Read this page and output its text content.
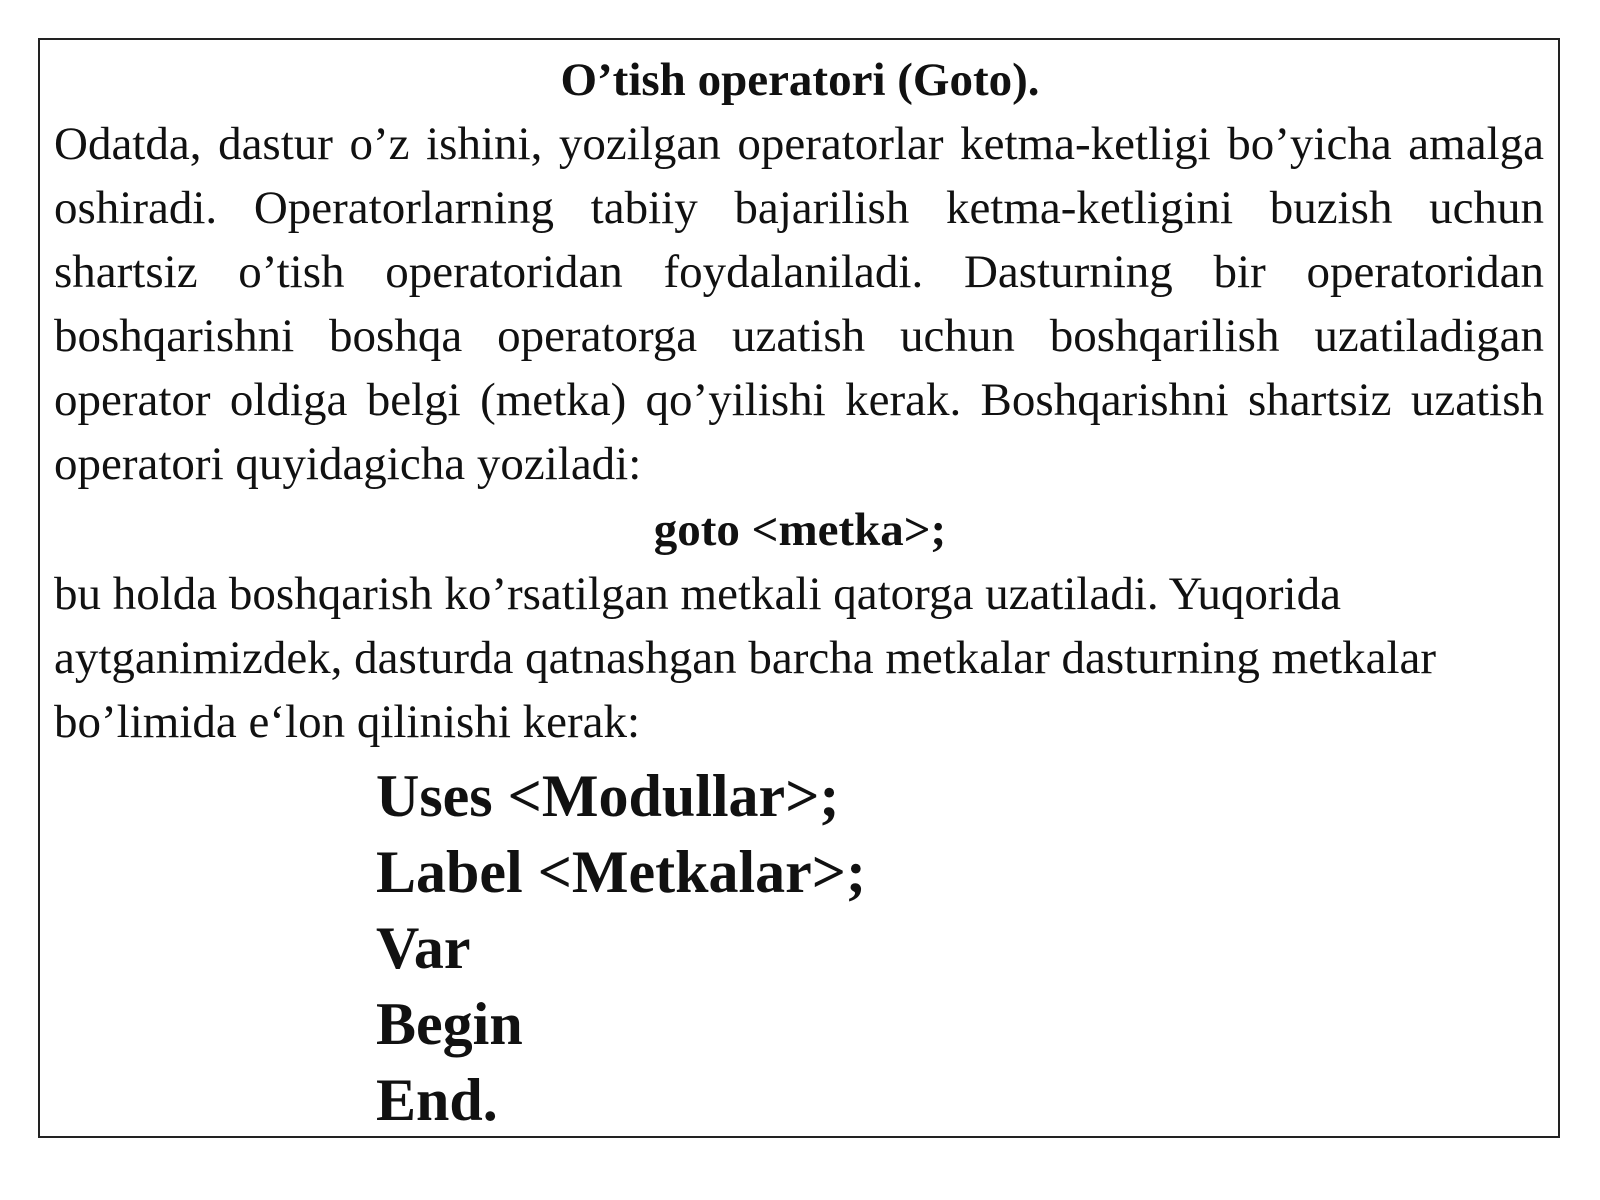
O’tish operatori (Goto).

Odatda, dastur o’z ishini, yozilgan operatorlar ketma-ketligi bo’yicha amalga oshiradi. Operatorlarning tabiiy bajarilish ketma-ketligini buzish uchun shartsiz o’tish operatoridan foydalaniladi. Dasturning bir operatoridan boshqarishni boshqa operatorga uzatish uchun boshqarilish uzatiladigan operator oldiga belgi (metka) qo’yilishi kerak. Boshqarishni shartsiz uzatish operatori quyidagicha yoziladi:

goto <metka>;

bu holda boshqarish ko’rsatilgan metkali qatorga uzatiladi. Yuqorida aytganimizdek, dasturda qatnashgan barcha metkalar dasturning metkalar bo’limida e‘lon qilinishi kerak:

Uses <Modullar>;
Label <Metkalar>;
Var
Begin
End.
